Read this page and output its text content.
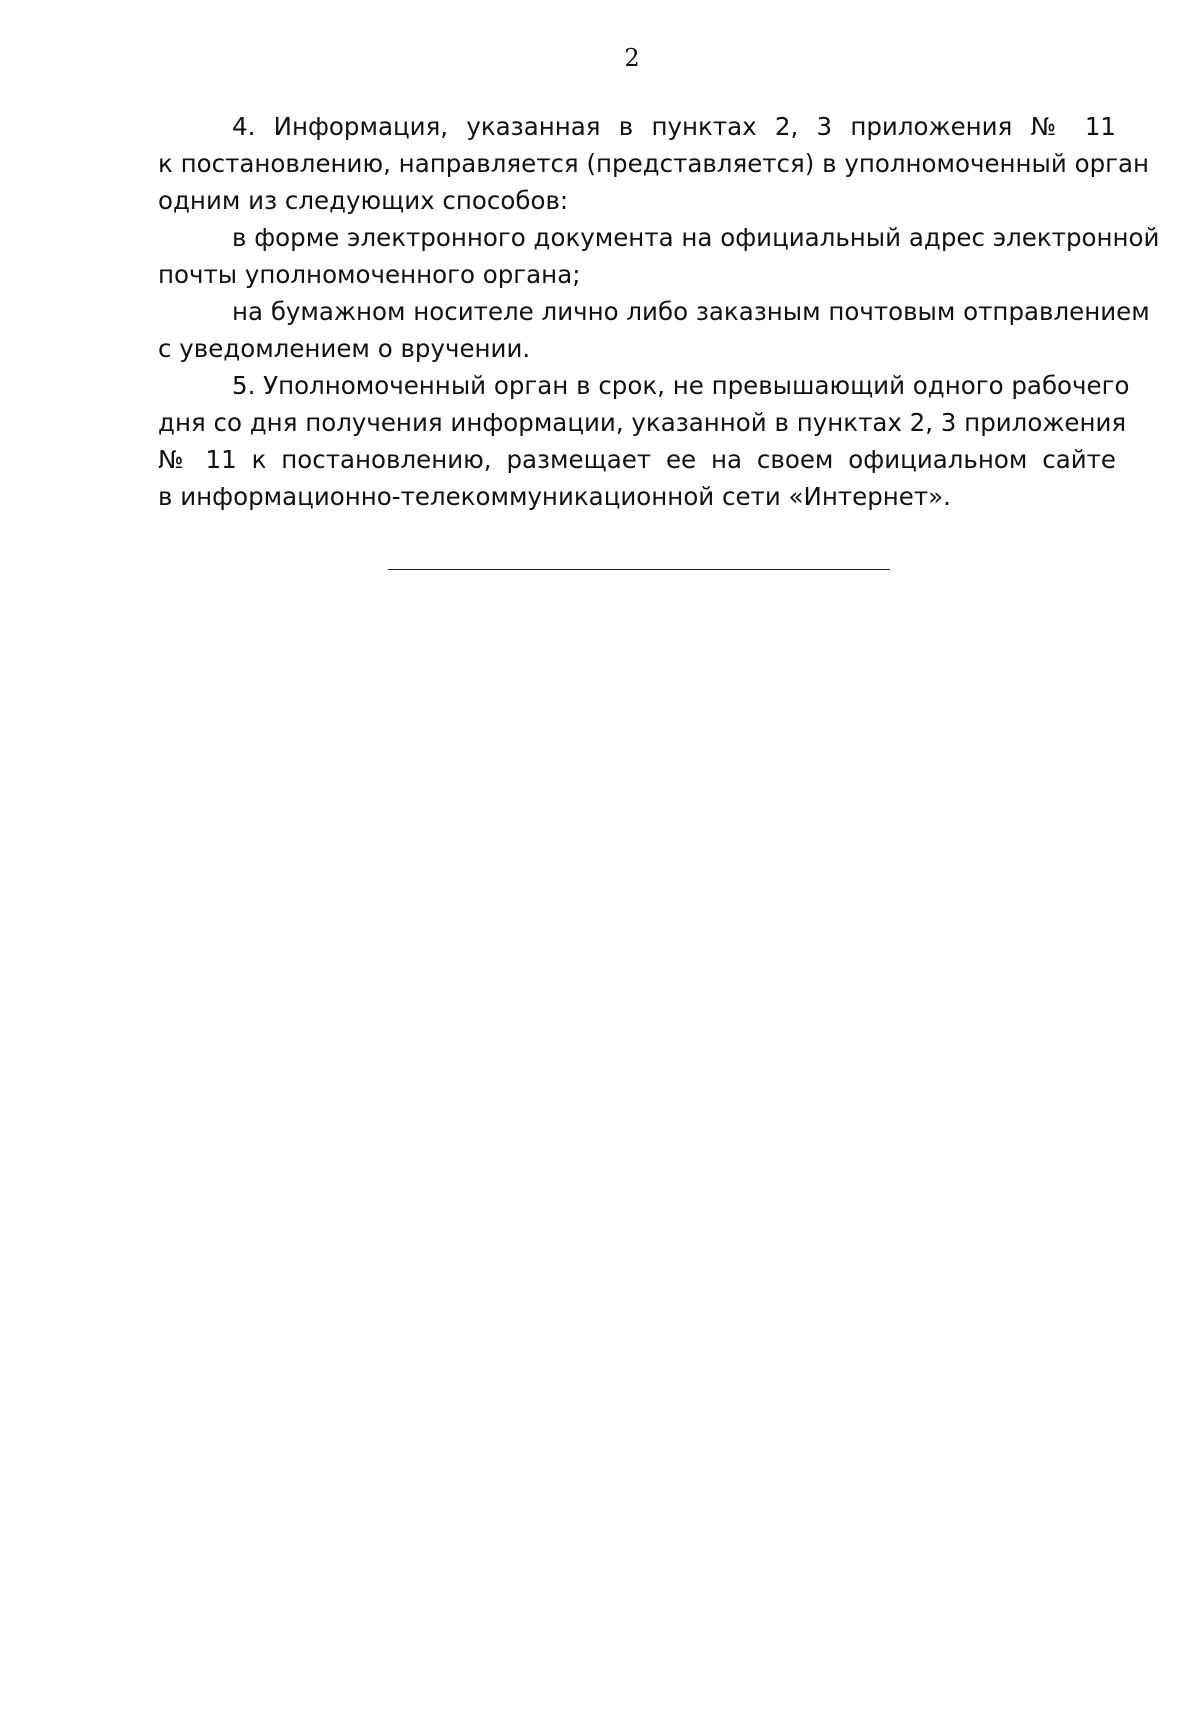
2
4. Информация, указанная в пунктах 2, 3 приложения № 11
к постановлению, направляется (представляется) в уполномоченный орган
одним из следующих способов:
в форме электронного документа на официальный адрес электронной
почты уполномоченного органа;
на бумажном носителе лично либо заказным почтовым отправлением
с уведомлением о вручении.
5. Уполномоченный орган в срок, не превышающий одного рабочего
дня со дня получения информации, указанной в пунктах 2, 3 приложения
№ 11 к постановлению, размещает ее на своем официальном сайте
в информационно-телекоммуникационной сети «Интернет».
